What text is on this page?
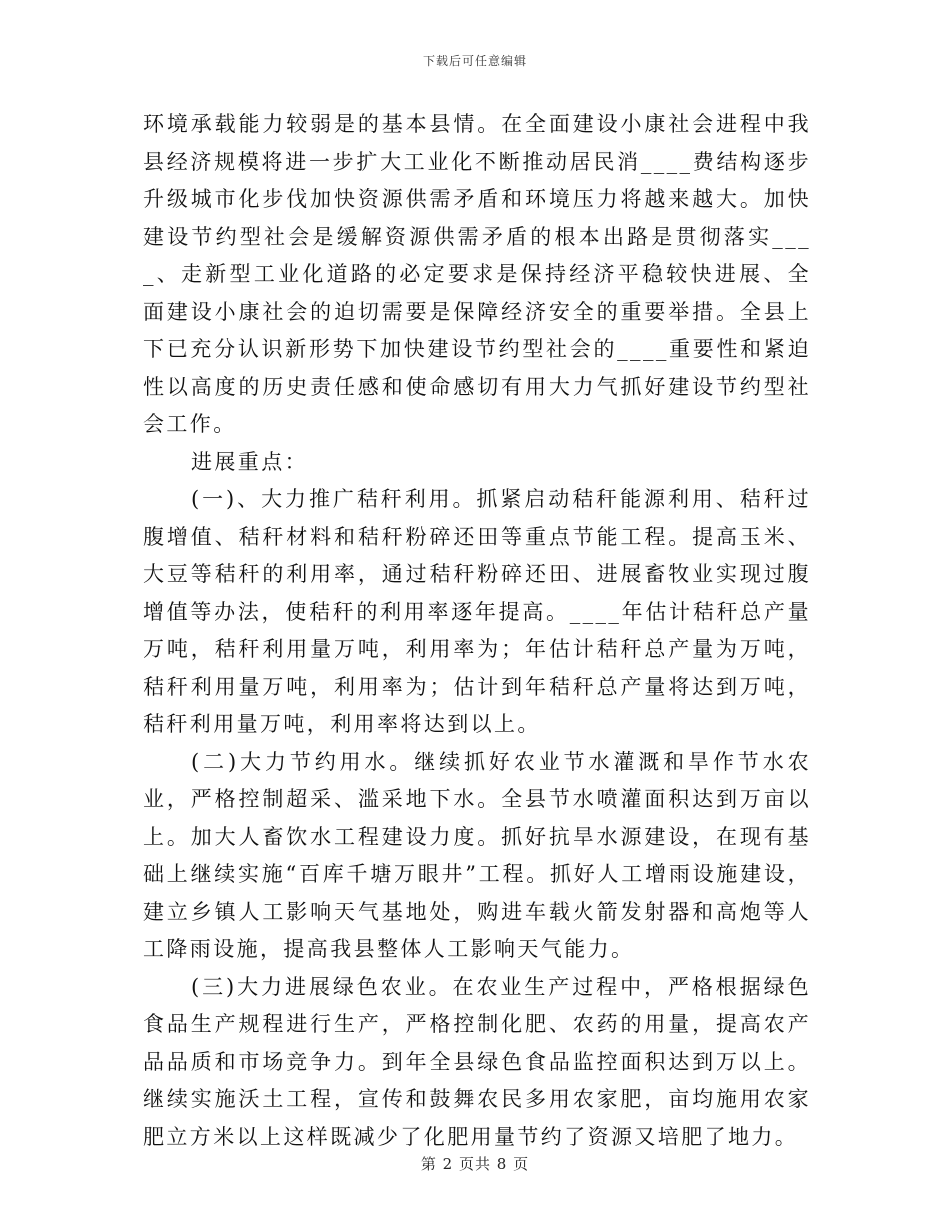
下载后可任意编辑

环境承载能力较弱是的基本县情。在全面建设小康社会进程中我县经济规模将进一步扩大工业化不断推动居民消____费结构逐步升级城市化步伐加快资源供需矛盾和环境压力将越来越大。加快建设节约型社会是缓解资源供需矛盾的根本出路是贯彻落实____、走新型工业化道路的必定要求是保持经济平稳较快进展、全面建设小康社会的迫切需要是保障经济安全的重要举措。全县上下已充分认识新形势下加快建设节约型社会的____重要性和紧迫性以高度的历史责任感和使命感切有用大力气抓好建设节约型社会工作。

进展重点：

(一)、大力推广秸秆利用。抓紧启动秸秆能源利用、秸秆过腹增值、秸秆材料和秸秆粉碎还田等重点节能工程。提高玉米、大豆等秸秆的利用率，通过秸秆粉碎还田、进展畜牧业实现过腹增值等办法，使秸秆的利用率逐年提高。____年估计秸秆总产量万吨，秸秆利用量万吨，利用率为；年估计秸秆总产量为万吨，秸秆利用量万吨，利用率为；估计到年秸秆总产量将达到万吨，秸秆利用量万吨，利用率将达到以上。

(二)大力节约用水。继续抓好农业节水灌溉和旱作节水农业，严格控制超采、滥采地下水。全县节水喷灌面积达到万亩以上。加大人畜饮水工程建设力度。抓好抗旱水源建设，在现有基础上继续实施“百库千塘万眼井”工程。抓好人工增雨设施建设，建立乡镇人工影响天气基地处，购进车载火箭发射器和高炮等人工降雨设施，提高我县整体人工影响天气能力。

(三)大力进展绿色农业。在农业生产过程中，严格根据绿色食品生产规程进行生产，严格控制化肥、农药的用量，提高农产品品质和市场竞争力。到年全县绿色食品监控面积达到万以上。继续实施沃土工程，宣传和鼓舞农民多用农家肥，亩均施用农家肥立方米以上这样既减少了化肥用量节约了资源又培肥了地力。

第 2 页共 8 页
